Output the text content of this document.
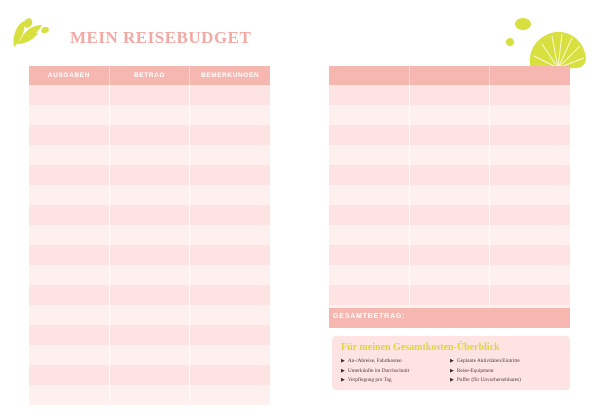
MEIN REISEBUDGET
AUSGABEN	BETRAG	BEMERKUNGEN

GESAMTBETRAG:
Für meinen Gesamtkosten-Überblick
▶ An-/Abreise, Fahrtkosten
▶ Unterkünfte im Durchschnitt
▶ Verpflegung pro Tag
▶ Geplante Aktivitäten/Eintritte
▶ Reise-Equipment
▶ Puffer (für Unvorhersehbares)
